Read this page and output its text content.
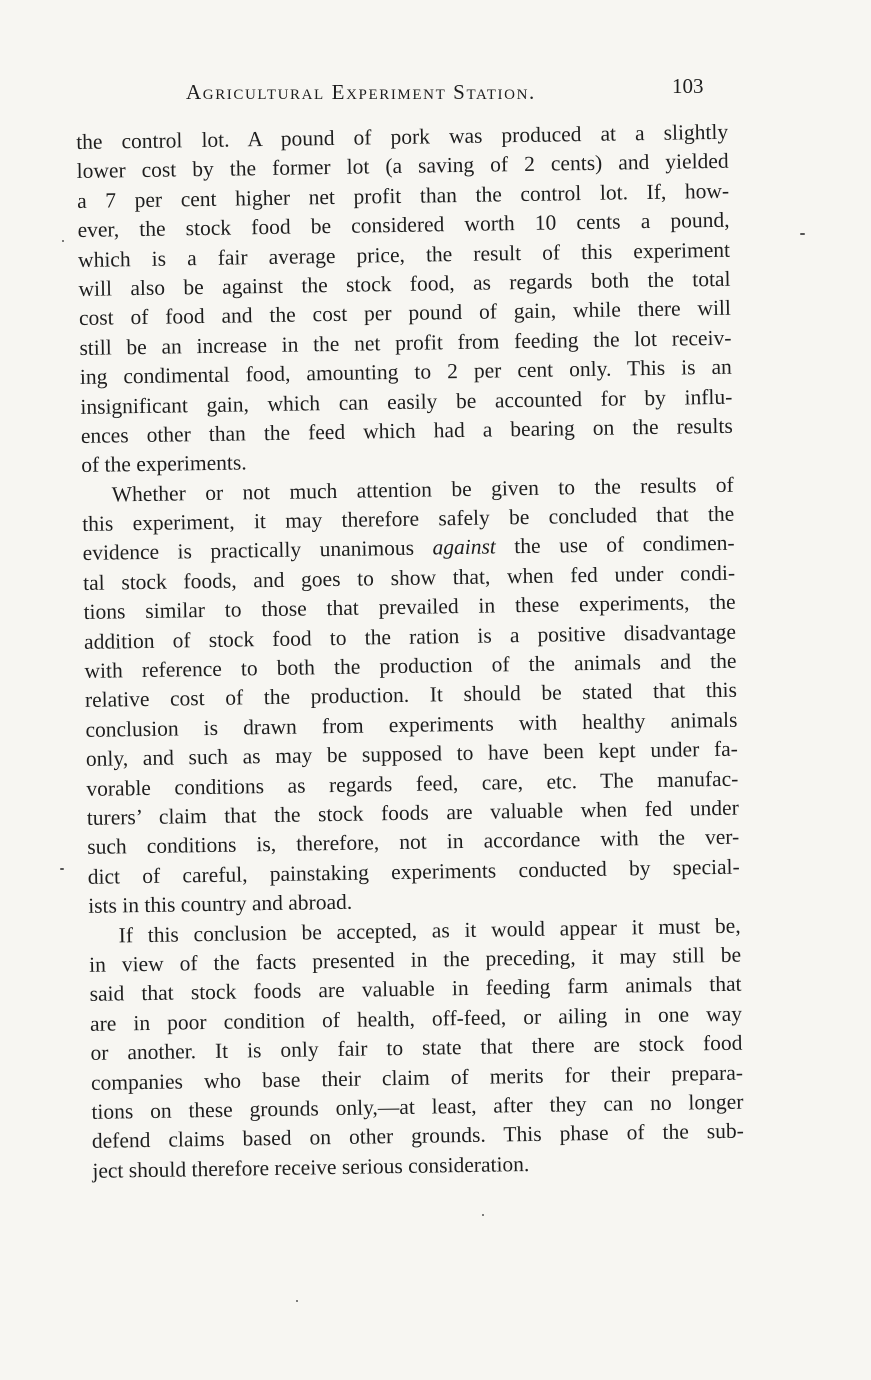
Agricultural Experiment Station.	103
the control lot. A pound of pork was produced at a slightly
lower cost by the former lot (a saving of 2 cents) and yielded
a 7 per cent higher net profit than the control lot. If, how-
ever, the stock food be considered worth 10 cents a pound,
which is a fair average price, the result of this experiment
will also be against the stock food, as regards both the total
cost of food and the cost per pound of gain, while there will
still be an increase in the net profit from feeding the lot receiv-
ing condimental food, amounting to 2 per cent only. This is an
insignificant gain, which can easily be accounted for by influ-
ences other than the feed which had a bearing on the results
of the experiments.
Whether or not much attention be given to the results of
this experiment, it may therefore safely be concluded that the
evidence is practically unanimous against the use of condimen-
tal stock foods, and goes to show that, when fed under condi-
tions similar to those that prevailed in these experiments, the
addition of stock food to the ration is a positive disadvantage
with reference to both the production of the animals and the
relative cost of the production. It should be stated that this
conclusion is drawn from experiments with healthy animals
only, and such as may be supposed to have been kept under fa-
vorable conditions as regards feed, care, etc. The manufac-
turers’ claim that the stock foods are valuable when fed under
such conditions is, therefore, not in accordance with the ver-
dict of careful, painstaking experiments conducted by special-
ists in this country and abroad.
If this conclusion be accepted, as it would appear it must be,
in view of the facts presented in the preceding, it may still be
said that stock foods are valuable in feeding farm animals that
are in poor condition of health, off-feed, or ailing in one way
or another. It is only fair to state that there are stock food
companies who base their claim of merits for their prepara-
tions on these grounds only,—at least, after they can no longer
defend claims based on other grounds. This phase of the sub-
ject should therefore receive serious consideration.
